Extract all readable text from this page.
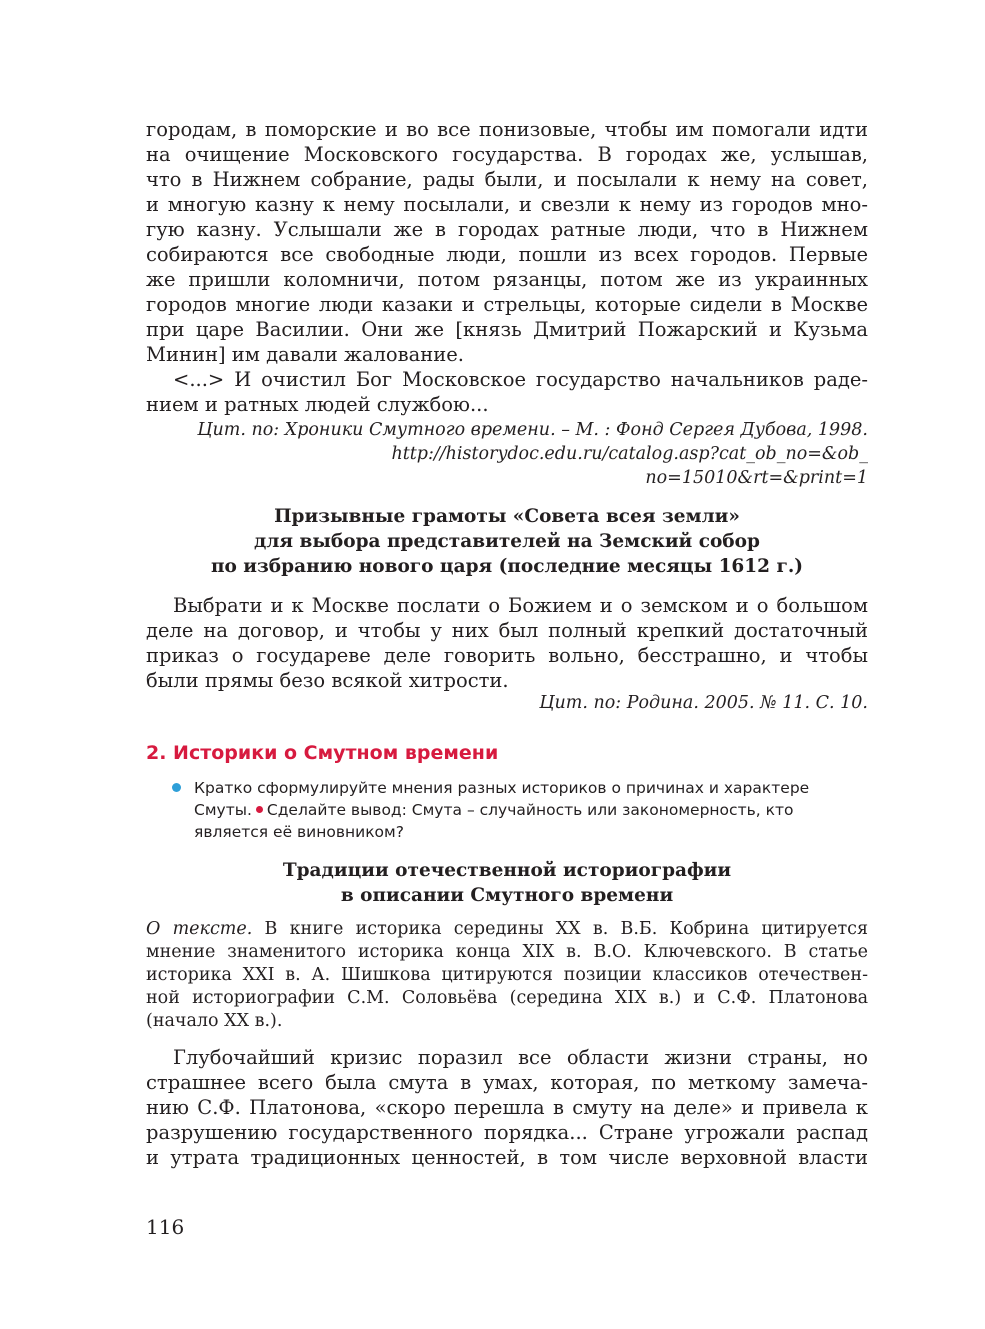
городам, в поморские и во все понизовые, чтобы им помогали идти
на очищение Московского государства. В городах же, услышав,
что в Нижнем собрание, рады были, и посылали к нему на совет,
и многую казну к нему посылали, и свезли к нему из городов мно-
гую казну. Услышали же в городах ратные люди, что в Нижнем
собираются все свободные люди, пошли из всех городов. Первые
же пришли коломничи, потом рязанцы, потом же из украинных
городов многие люди казаки и стрельцы, которые сидели в Москве
при царе Василии. Они же [князь Дмитрий Пожарский и Кузьма
Минин] им давали жалование.
<...> И очистил Бог Московское государство начальников раде-
нием и ратных людей службою...

Цит. по: Хроники Смутного времени. – М. : Фонд Сергея Дубова, 1998.
http://historydoc.edu.ru/catalog.asp?cat_ob_no=&ob_
no=15010&rt=&print=1

Призывные грамоты «Совета всея земли»
для выбора представителей на Земский собор
по избранию нового царя (последние месяцы 1612 г.)

Выбрати и к Москве послати о Божием и о земском и о большом
деле на договор, и чтобы у них был полный крепкий достаточный
приказ о государеве деле говорить вольно, бесстрашно, и чтобы
были прямы безо всякой хитрости.

Цит. по: Родина. 2005. № 11. С. 10.

2. Историки о Смутном времени

Кратко сформулируйте мнения разных историков о причинах и характере
Смуты. Сделайте вывод: Смута – случайность или закономерность, кто
является её виновником?

Традиции отечественной историографии
в описании Смутного времени

О тексте. В книге историка середины XX в. В.Б. Кобрина цитируется
мнение знаменитого историка конца XIX в. В.О. Ключевского. В статье
историка XXI в. А. Шишкова цитируются позиции классиков отечествен-
ной историографии С.М. Соловьёва (середина XIX в.) и С.Ф. Платонова
(начало XX в.).

Глубочайший кризис поразил все области жизни страны, но
страшнее всего была смута в умах, которая, по меткому замеча-
нию С.Ф. Платонова, «скоро перешла в смуту на деле» и привела к
разрушению государственного порядка... Стране угрожали распад
и утрата традиционных ценностей, в том числе верховной власти

116
